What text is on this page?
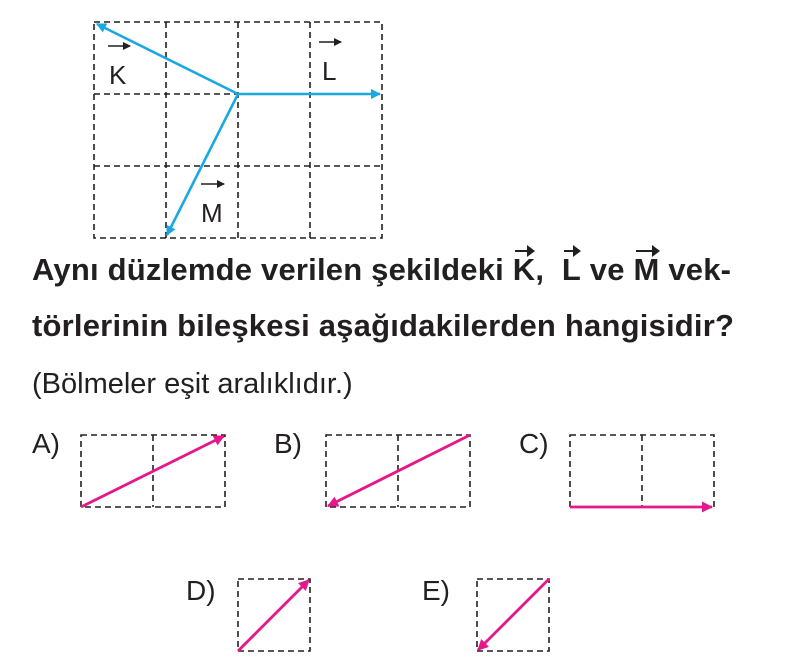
K	L
M
Aynı düzlemde verilen şekildeki K, L ve M vek-
törlerinin bileşkesi aşağıdakilerden hangisidir?
(Bölmeler eşit aralıklıdır.)
A)	B)	C)
D)	E)
